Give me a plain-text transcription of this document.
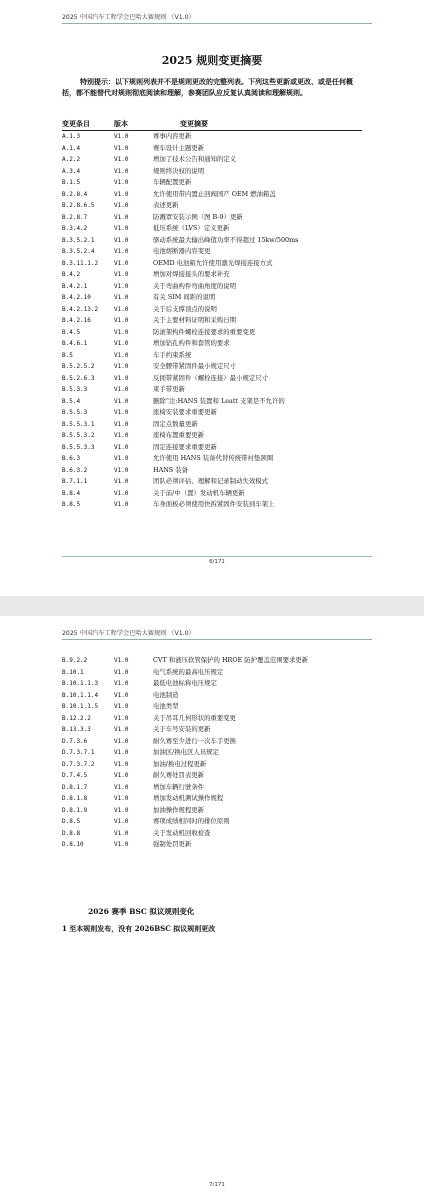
2025 中国汽车工程学会巴哈大赛规则 （V1.0）
2025 规则变更摘要
特别提示：以下规则列表并不是规则更改的完整列表。下列这些更新或更改、或是任何概括，都不能替代对规则彻底阅读和理解，参赛团队应反复认真阅读和理解规则。
变更条目	版本	变更摘要
A.1.3	V1.0	赛事内容更新
A.1.4	V1.0	赛车设计主题更新
A.2.2	V1.0	增加了技术公告和通知的定义
A.3.4	V1.0	规则终决权的说明
B.1.5	V1.0	车辆配置更新
B.2.8.4	V1.0	允许使用带内置止回阀国产 OEM 燃油箱盖
B.2.8.6.5	V1.0	表述更新
B.2.8.7	V1.0	防溅罩安装示例（图 B-9）更新
B.3.4.2	V1.0	低压系统（LVS）定义更新
B.3.5.2.1	V1.0	驱动系统最大输出峰值功率不得超过 15kw/500ms
B.3.5.2.4	V1.0	电池熔断器内容变更
B.3.11.1.2	V1.0	OEMD 电池箱允许使用激光焊接连接方式
B.4.2	V1.0	增加对焊接接头的要求补充
B.4.2.1	V1.0	关于弯曲构件弯曲角度的说明
B.4.2.10	V1.0	有关 SIM 间距的说明
B.4.2.13.2	V1.0	关于后支撑顶点的说明
B.4.2.16	V1.0	关于主要材料证明和采购日期
B.4.5	V1.0	防滚架构件螺栓连接要求的重要变更
B.4.6.1	V1.0	增加钻孔构件和套管的要求
B.5	V1.0	车手约束系统
B.5.2.5.2	V1.0	安全腰带紧固件最小规定尺寸
B.5.2.6.3	V1.0	反拥带紧固件（螺栓连接）最小规定尺寸
B.5.3.3	V1.0	束手带更新
B.5.4	V1.0	删除“注:HANS 装置和 Leatt 支架是不允许的
B.5.5.3	V1.0	座椅安装要求重要更新
B.5.5.3.1	V1.0	固定点数量更新
B.5.5.3.2	V1.0	座椅布置重要更新
B.5.5.3.3	V1.0	固定连接要求重要更新
B.6.3	V1.0	允许使用 HANS 装备代替传统带衬垫颈圈
B.6.3.2	V1.0	HANS 装备
B.7.1.1	V1.0	团队必须评估、理解和记录制动失效模式
B.8.4	V1.0	关于前/中（置）发动机车辆更新
B.8.5	V1.0	车身面板必须使用快拆紧固件安装到车架上
6/171
2025 中国汽车工程学会巴哈大赛规则 （V1.0）
B.9.2.2	V1.0	CVT 和液压软管保护的 HROE 防护覆盖范围要求更新
B.10.1	V1.0	电气系统的最高电压规定
B.10.1.1.3	V1.0	最低电池标称电压规定
B.10.1.1.4	V1.0	电池制造
B.10.1.1.5	V1.0	电池类型
B.12.2.2	V1.0	关于吊耳几何形状的重要变更
B.13.3.3	V1.0	关于车号安装的更新
D.7.3.6	V1.0	耐久赛至少进行一次车手更换
D.7.3.7.1	V1.0	加油区/换电区人员规定
D.7.3.7.2	V1.0	加油/换电过程更新
D.7.4.5	V1.0	耐久赛处罚表更新
D.8.1.7	V1.0	增加车辆行驶条件
D.8.1.8	V1.0	增加发动机测试操作规程
D.8.1.9	V1.0	加油操作规程更新
D.8.5	V1.0	赛项成绩相同时的排位原则
D.8.8	V1.0	关于发动机回收检查
D.8.10	V1.0	强制处罚更新
2026 赛季 BSC 拟议规则变化
1 至本规则发布，没有 2026BSC 拟议规则更改
7/171
